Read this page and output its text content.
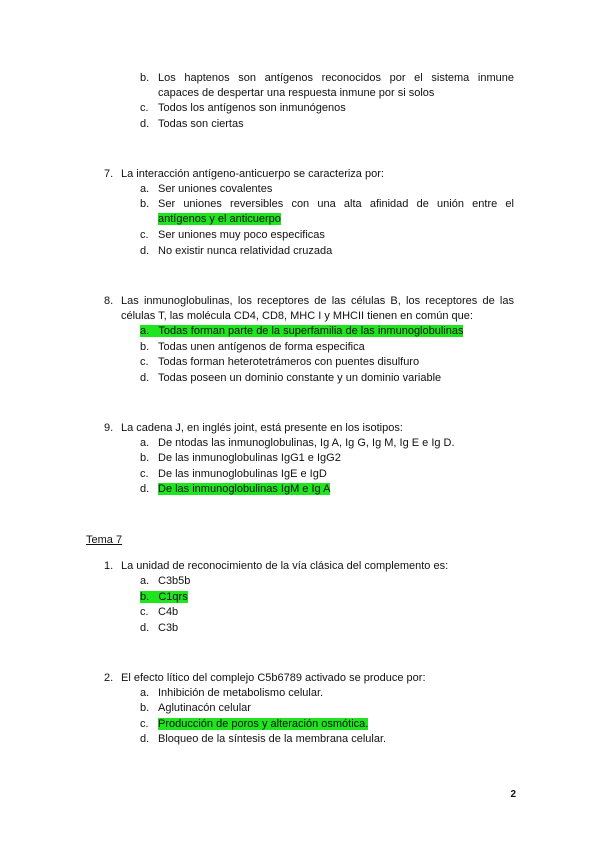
b. Los haptenos son antígenos reconocidos por el sistema inmune
capaces de despertar una respuesta inmune por si solos
c. Todos los antígenos son inmunógenos
d. Todas son ciertas
7. La interacción antígeno-anticuerpo se caracteriza por:
a. Ser uniones covalentes
b. Ser uniones reversibles con una alta afinidad de unión entre el
antígenos y el anticuerpo
c. Ser uniones muy poco especificas
d. No existir nunca relatividad cruzada
8. Las inmunoglobulinas, los receptores de las células B, los receptores de las
células T, las molécula CD4, CD8, MHC I y MHCII tienen en común que:
a. Todas forman parte de la superfamilia de las inmunoglobulinas
b. Todas unen antígenos de forma especifica
c. Todas forman heterotetrámeros con puentes disulfuro
d. Todas poseen un dominio constante y un dominio variable
9. La cadena J, en inglés joint, está presente en los isotipos:
a. De ntodas las inmunoglobulinas, Ig A, Ig G, Ig M, Ig E e Ig D.
b. De las inmunoglobulinas IgG1 e IgG2
c. De las inmunoglobulinas IgE e IgD
d. De las inmunoglobulinas IgM e Ig A
Tema 7
1. La unidad de reconocimiento de la vía clásica del complemento es:
a. C3b5b
b. C1qrs
c. C4b
d. C3b
2. El efecto lítico del complejo C5b6789 activado se produce por:
a. Inhibición de metabolismo celular.
b. Aglutinacón celular
c. Producción de poros y alteración osmótica.
d. Bloqueo de la síntesis de la membrana celular.
2
